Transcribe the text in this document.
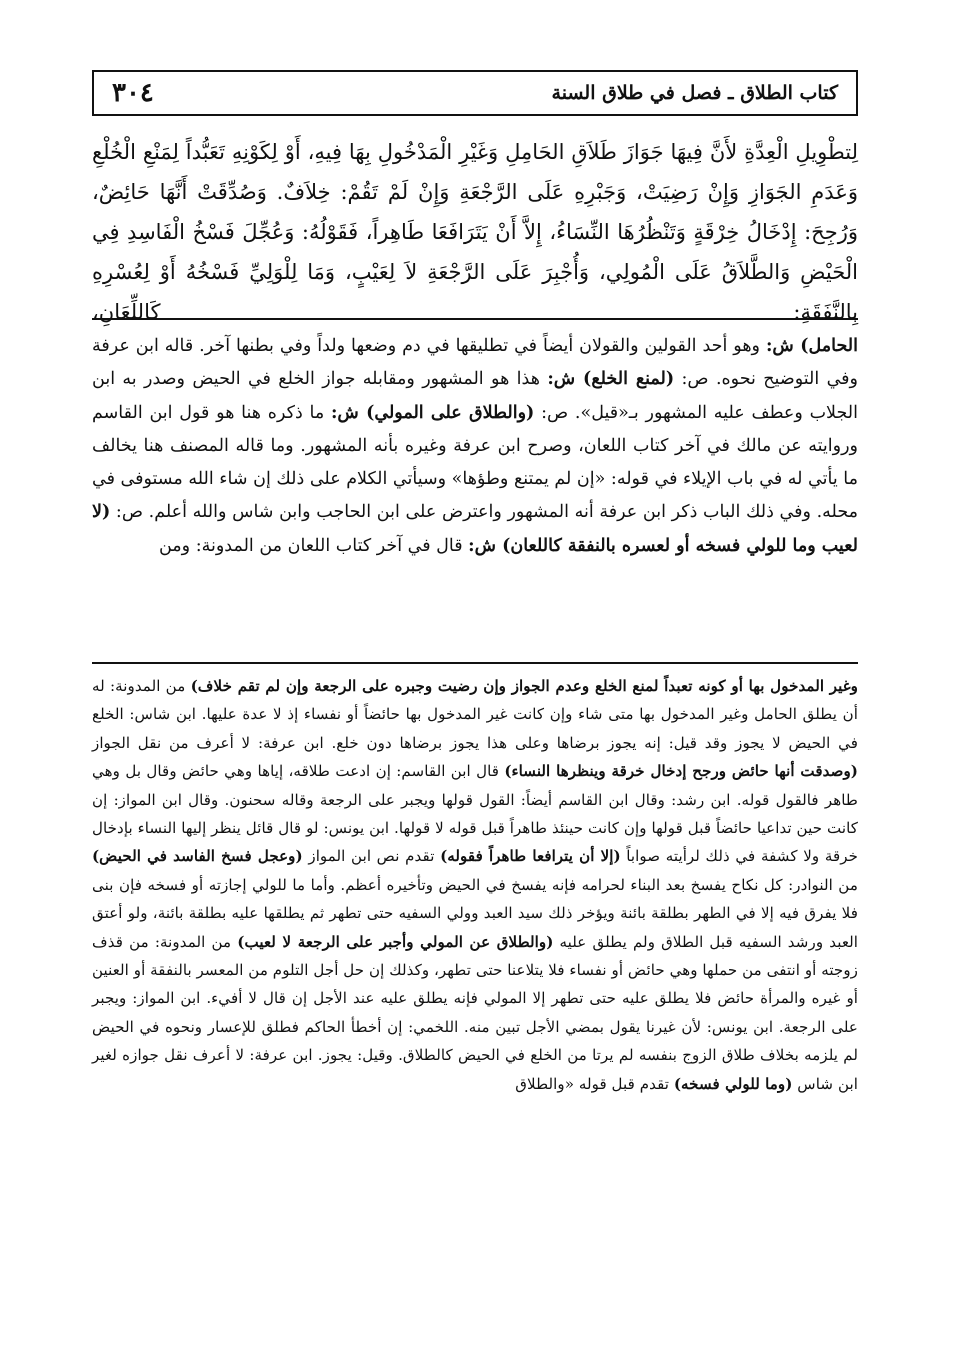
كتاب الطلاق ـ فصل في طلاق السنة
٣٠٤

لِتطْوِيلِ الْعِدَّةِ لأَنَّ فِيهَا جَوَازَ طَلاَقِ الحَامِلِ وَغَيْرِ الْمَدْخُولِ بِهَا فِيهِ، أَوْ لِكَوْنِهِ تَعَبُّداً لِمَنْعِ الْخُلْعِ وَعَدَمِ الجَوَازِ وَإِنْ رَضِيَتْ، وَجَبْرِهِ عَلَى الرَّجْعَةِ وَإِنْ لَمْ تَقُمْ: خِلاَفٌ. وَصُدِّقَتْ أَنَّهَا حَائِضٌ، وَرُجِحَ: إِدْخَالُ خِرْقَةٍ وَتَنْظُرُهَا النِّسَاءُ، إِلاَّ أَنْ يَتَرَافَعَا طَاهِراً، فَقَوْلُهُ: وَعُجِّلَ فَسْخُ الْفَاسِدِ فِي الْحَيْضِ وَالطَّلاَقُ عَلَى الْمُولِي، وَأُجْبِرَ عَلَى الرَّجْعَةِ لاَ لِعَيْبٍ، وَمَا لِلْوَلِيِّ فَسْخُهُ أَوْ لِعُسْرِهِ بِالنَّفَقَةِ: كَاللِّعَانِ،

الحامل) ش: وهو أحد القولين والقولان أيضاً في تطليقها في دم وضعها ولداً وفي بطنها آخر. قاله ابن عرفة وفي التوضيح نحوه. ص: (لمنع الخلع) ش: هذا هو المشهور ومقابله جواز الخلع في الحيض وصدر به ابن الجلاب وعطف عليه المشهور بـ«قيل». ص: (والطلاق على المولي) ش: ما ذكره هنا هو قول ابن القاسم وروايته عن مالك في آخر كتاب اللعان، وصرح ابن عرفة وغيره بأنه المشهور. وما قاله المصنف هنا يخالف ما يأتي له في باب الإيلاء في قوله: «إن لم يمتنع وطؤها» وسيأتي الكلام على ذلك إن شاء الله مستوفى في محله. وفي ذلك الباب ذكر ابن عرفة أنه المشهور واعترض على ابن الحاجب وابن شاس والله أعلم. ص: (لا لعيب وما للولي فسخه أو لعسره بالنفقة كاللعان) ش: قال في آخر كتاب اللعان من المدونة: ومن

وغير المدخول بها أو كونه تعبداً لمنع الخلع وعدم الجواز وإن رضيت وجبره على الرجعة وإن لم تقم خلاف) من المدونة: له أن يطلق الحامل وغير المدخول بها متى شاء وإن كانت غير المدخول بها حائضاً أو نفساء إذ لا عدة عليها. ابن شاس: الخلع في الحيض لا يجوز وقد قيل: إنه يجوز برضاها وعلى هذا يجوز برضاها دون خلع. ابن عرفة: لا أعرف من نقل الجواز (وصدقت أنها حائض ورجح إدخال خرقة وينظرها النساء) قال ابن القاسم: إن ادعت طلاقه، إياها وهي حائض وقال بل وهي طاهر فالقول قوله. ابن رشد: وقال ابن القاسم أيضاً: القول قولها ويجبر على الرجعة وقاله سحنون. وقال ابن المواز: إن كانت حين تداعيا حائضاً قبل قولها وإن كانت حينئذ طاهراً قبل قوله لا قولها. ابن يونس: لو قال قائل ينظر إليها النساء بإدخال خرقة ولا كشفة في ذلك لرأيته صواباً (إلا أن يترافعا طاهراً فقوله) تقدم نص ابن المواز (وعجل فسخ الفاسد في الحيض) من النوادر: كل نكاح يفسخ بعد البناء لحرامه فإنه يفسخ في الحيض وتأخيره أعظم. وأما ما للولي إجازته أو فسخه فإن بنى فلا يفرق فيه إلا في الطهر بطلقة بائنة ويؤخر ذلك سيد العبد وولي السفيه حتى تطهر ثم يطلقها عليه بطلقة بائنة، ولو أعتق العبد ورشد السفيه قبل الطلاق ولم يطلق عليه (والطلاق عن المولي وأجبر على الرجعة لا لعيب) من المدونة: من قذف زوجته أو انتفى من حملها وهي حائض أو نفساء فلا يتلاعنا حتى تطهر، وكذلك إن حل أجل التلوم من المعسر بالنفقة أو العنين أو غيره والمرأة حائض فلا يطلق عليه حتى تطهر إلا المولي فإنه يطلق عليه عند الأجل إن قال لا أفيء. ابن المواز: ويجبر على الرجعة. ابن يونس: لأن غيرنا يقول بمضي الأجل تبين منه. اللخمي: إن أخطأ الحاكم فطلق للإعسار ونحوه في الحيض لم يلزمه بخلاف طلاق الزوج بنفسه لم يرتا من الخلع في الحيض كالطلاق. وقيل: يجوز. ابن عرفة: لا أعرف نقل جوازه لغير ابن شاس (وما للولي فسخه) تقدم قبل قوله «والطلاق
